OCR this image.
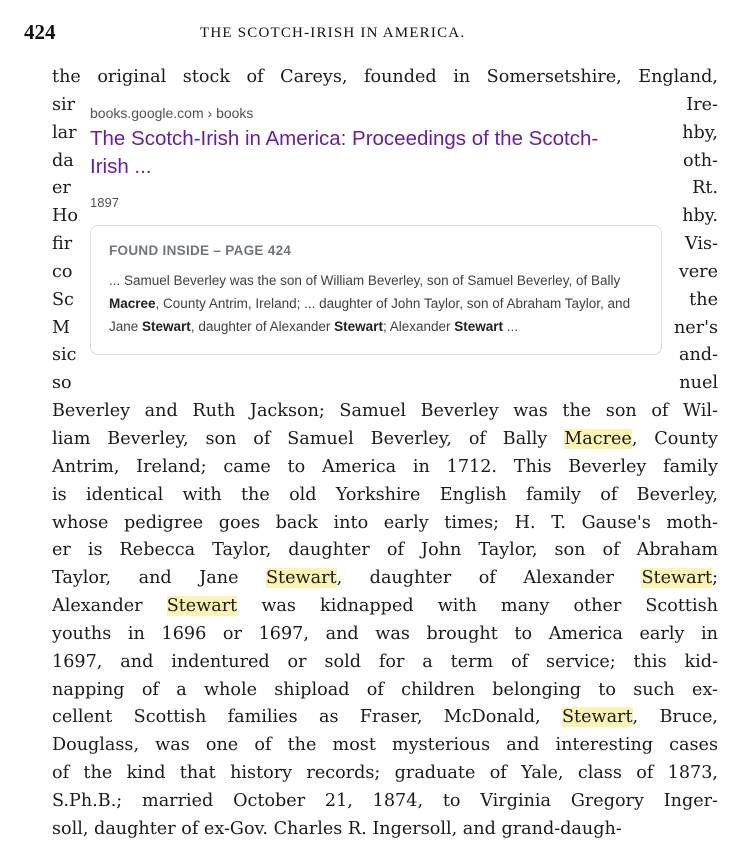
424	THE SCOTCH-IRISH IN AMERICA.
the original stock of Careys, founded in Somersetshire, England,
sir	Ire-
lar	hby,
da	oth-
er	Rt.
Ho	hby.
fir	Vis-
co	vere
Sc	the
M	ner's
sic	and-
so	nuel
Beverley and Ruth Jackson; Samuel Beverley was the son of Wil-
liam Beverley, son of Samuel Beverley, of Bally Macree, County
Antrim, Ireland; came to America in 1712. This Beverley family
is identical with the old Yorkshire English family of Beverley,
whose pedigree goes back into early times; H. T. Gause's moth-
er is Rebecca Taylor, daughter of John Taylor, son of Abraham
Taylor, and Jane Stewart, daughter of Alexander Stewart;
Alexander Stewart was kidnapped with many other Scottish
youths in 1696 or 1697, and was brought to America early in
1697, and indentured or sold for a term of service; this kid-
napping of a whole shipload of children belonging to such ex-
cellent Scottish families as Fraser, McDonald, Stewart, Bruce,
Douglass, was one of the most mysterious and interesting cases
of the kind that history records; graduate of Yale, class of 1873,
S.Ph.B.; married October 21, 1874, to Virginia Gregory Inger-
soll, daughter of ex-Gov. Charles R. Ingersoll, and grand-daugh-
books.google.com › books
The Scotch-Irish in America: Proceedings of the Scotch-Irish ...
1897
FOUND INSIDE – PAGE 424
... Samuel Beverley was the son of William Beverley, son of Samuel Beverley, of Bally Macree, County Antrim, Ireland; ... daughter of John Taylor, son of Abraham Taylor, and Jane Stewart, daughter of Alexander Stewart; Alexander Stewart ...
